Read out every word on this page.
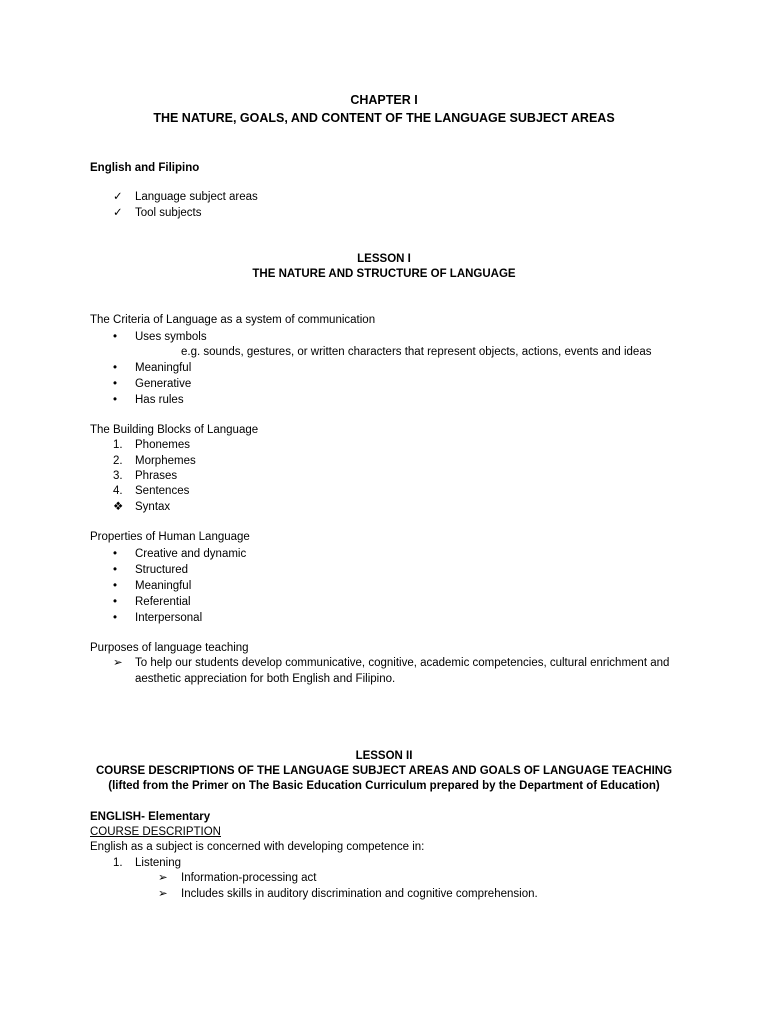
CHAPTER I
THE NATURE, GOALS, AND CONTENT OF THE LANGUAGE SUBJECT AREAS
English and Filipino
✓	Language subject areas
✓	Tool subjects
LESSON I
THE NATURE AND STRUCTURE OF LANGUAGE
The Criteria of Language as a system of communication
•	Uses symbols
e.g. sounds, gestures, or written characters that represent objects, actions, events and ideas
•	Meaningful
•	Generative
•	Has rules
The Building Blocks of Language
1.	Phonemes
2.	Morphemes
3.	Phrases
4.	Sentences
❖	Syntax
Properties of Human Language
•	Creative and dynamic
•	Structured
•	Meaningful
•	Referential
•	Interpersonal
Purposes of language teaching
➢	To help our students develop communicative, cognitive, academic competencies, cultural enrichment and
aesthetic appreciation for both English and Filipino.
LESSON II
COURSE DESCRIPTIONS OF THE LANGUAGE SUBJECT AREAS AND GOALS OF LANGUAGE TEACHING
(lifted from the Primer on The Basic Education Curriculum prepared by the Department of Education)
ENGLISH- Elementary
COURSE DESCRIPTION
English as a subject is concerned with developing competence in:
1.	Listening
➢	Information-processing act
➢	Includes skills in auditory discrimination and cognitive comprehension.
